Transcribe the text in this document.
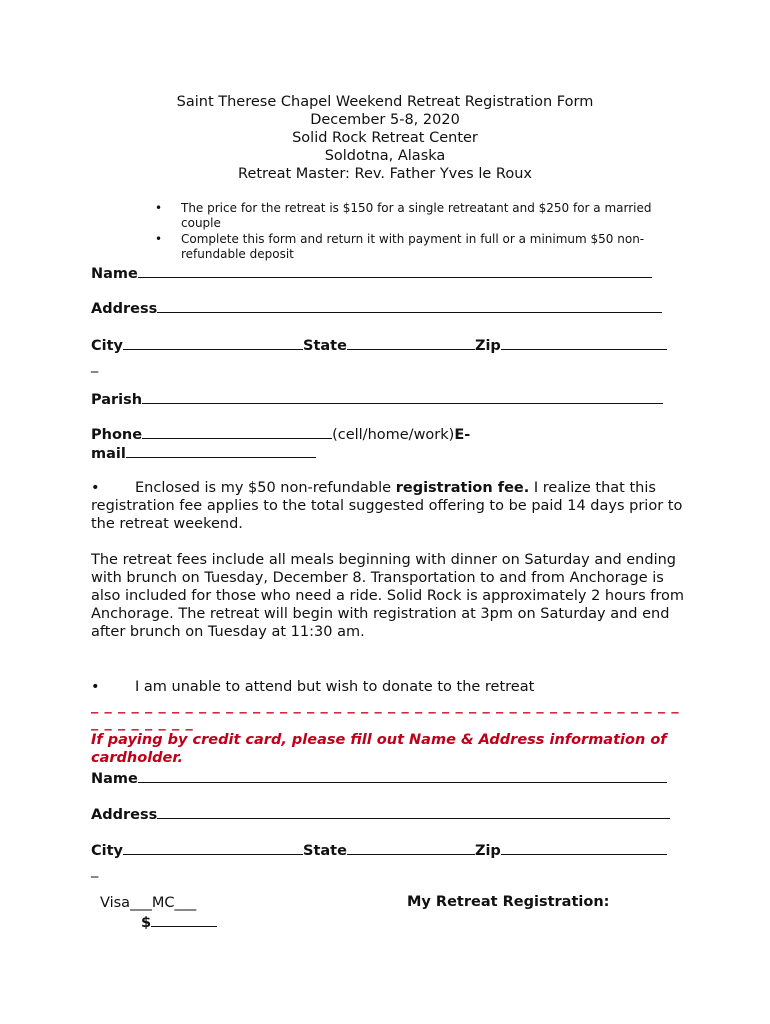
Saint Therese Chapel Weekend Retreat Registration Form
December 5-8, 2020
Solid Rock Retreat Center
Soldotna, Alaska
Retreat Master: Rev. Father Yves le Roux
• The price for the retreat is $150 for a single retreatant and $250 for a married couple
• Complete this form and return it with payment in full or a minimum $50 non-refundable deposit
Name
Address
City	State	Zip
_
Parish
Phone	(cell/home/work)E-
mail
• Enclosed is my $50 non-refundable registration fee. I realize that this registration fee applies to the total suggested offering to be paid 14 days prior to the retreat weekend.
The retreat fees include all meals beginning with dinner on Saturday and ending with brunch on Tuesday, December 8. Transportation to and from Anchorage is also included for those who need a ride. Solid Rock is approximately 2 hours from Anchorage. The retreat will begin with registration at 3pm on Saturday and end after brunch on Tuesday at 11:30 am.
• I am unable to attend but wish to donate to the retreat
_ _ _ _ _ _ _ _ _ _ _ _ _ _ _ _ _ _ _ _ _ _ _ _ _ _ _ _ _ _ _ _ _ _ _ _ _ _ _ _ _ _ _ _
_ _ _ _ _ _ _ _
If paying by credit card, please fill out Name & Address information of cardholder.
Name
Address
City	State	Zip
_
Visa___MC___	My Retreat Registration:
$
